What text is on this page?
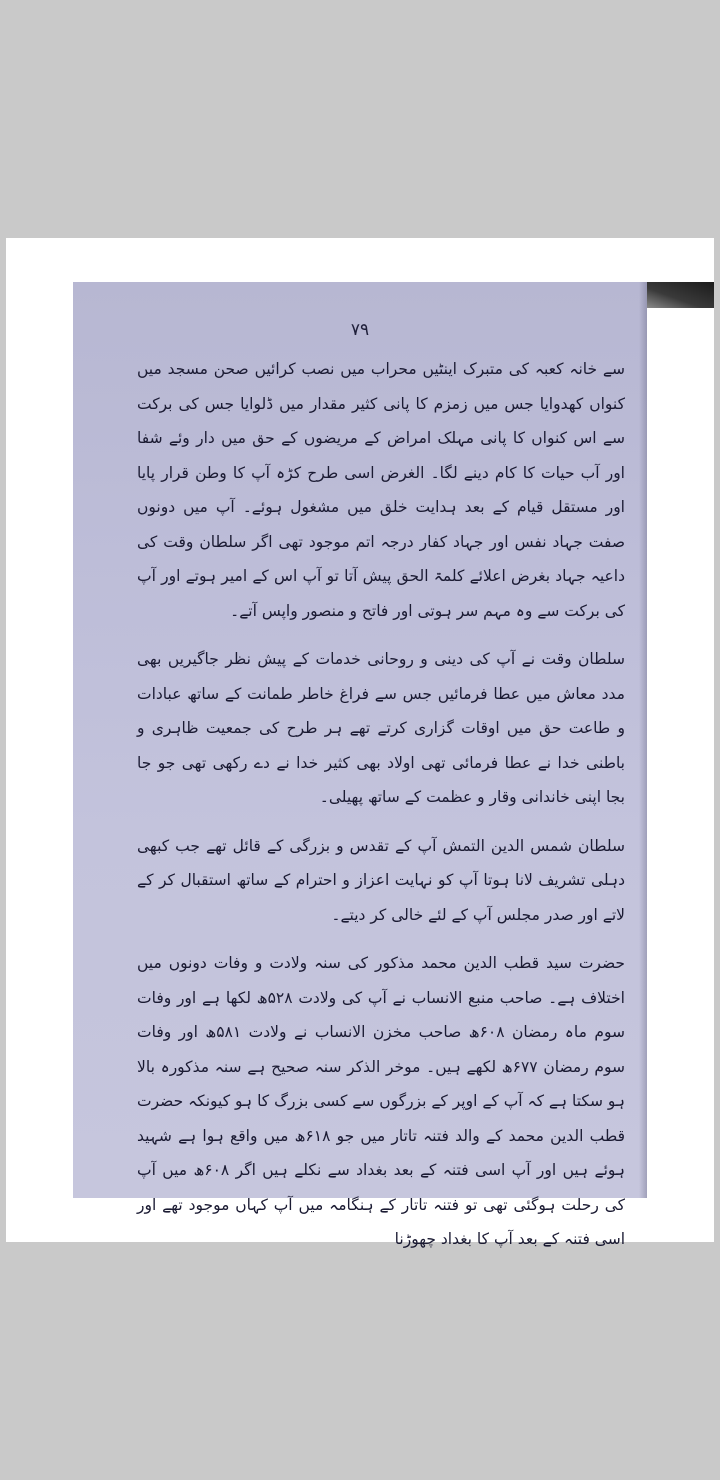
۷۹

سے خانہ کعبہ کی متبرک اینٹیں محراب میں نصب کرائیں صحن مسجد میں کنواں کھدوایا جس میں زمزم کا پانی کثیر مقدار میں ڈلوایا جس کی برکت سے اس کنواں کا پانی مہلک امراض کے مریضوں کے حق میں دار وئے شفا اور آب حیات کا کام دینے لگا۔ الغرض اسی طرح کڑہ آپ کا وطن قرار پایا اور مستقل قیام کے بعد ہدایت خلق میں مشغول ہوئے۔ آپ میں دونوں صفت جہاد نفس اور جہاد کفار درجہ اتم موجود تھی اگر سلطان وقت کی داعیہ جہاد بغرض اعلائے کلمۃ الحق پیش آتا تو آپ اس کے امیر ہوتے اور آپ کی برکت سے وہ مہم سر ہوتی اور فاتح و منصور واپس آتے۔

سلطان وقت نے آپ کی دینی و روحانی خدمات کے پیش نظر جاگیریں بھی مدد معاش میں عطا فرمائیں جس سے فراغ خاطر طمانت کے ساتھ عبادات و طاعت حق میں اوقات گزاری کرتے تھے ہر طرح کی جمعیت ظاہری و باطنی خدا نے عطا فرمائی تھی اولاد بھی کثیر خدا نے دے رکھی تھی جو جا بجا اپنی خاندانی وقار و عظمت کے ساتھ پھیلی۔

سلطان شمس الدین التمش آپ کے تقدس و بزرگی کے قائل تھے جب کبھی دہلی تشریف لانا ہوتا آپ کو نہایت اعزاز و احترام کے ساتھ استقبال کر کے لاتے اور صدر مجلس آپ کے لئے خالی کر دیتے۔

حضرت سید قطب الدین محمد مذکور کی سنہ ولادت و وفات دونوں میں اختلاف ہے۔ صاحب منبع الانساب نے آپ کی ولادت ۵۲۸ھ لکھا ہے اور وفات سوم ماہ رمضان ۶۰۸ھ صاحب مخزن الانساب نے ولادت ۵۸۱ھ اور وفات سوم رمضان ۶۷۷ھ لکھے ہیں۔ موخر الذکر سنہ صحیح ہے سنہ مذکورہ بالا ہو سکتا ہے کہ آپ کے اوپر کے بزرگوں سے کسی بزرگ کا ہو کیونکہ حضرت قطب الدین محمد کے والد فتنہ تاتار میں جو ۶۱۸ھ میں واقع ہوا ہے شہید ہوئے ہیں اور آپ اسی فتنہ کے بعد بغداد سے نکلے ہیں اگر ۶۰۸ھ میں آپ کی رحلت ہوگئی تھی تو فتنہ تاتار کے ہنگامہ میں آپ کہاں موجود تھے اور اسی فتنہ کے بعد آپ کا بغداد چھوڑنا
